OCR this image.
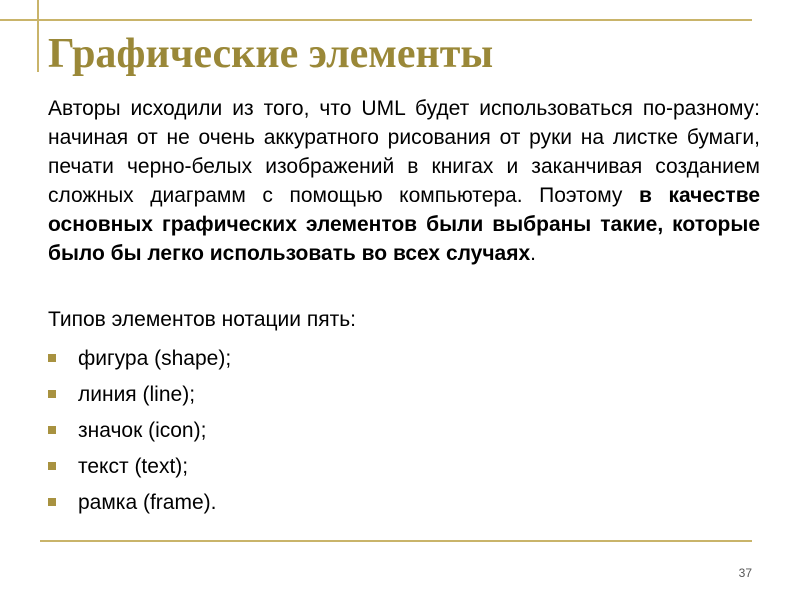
Графические элементы

Авторы исходили из того, что UML будет использоваться по-разному: начиная от не очень аккуратного рисования от руки на листке бумаги, печати черно-белых изображений в книгах и заканчивая созданием сложных диаграмм с помощью компьютера. Поэтому в качестве основных графических элементов были выбраны такие, которые было бы легко использовать во всех случаях.

Типов элементов нотации пять:

фигура (shape);
линия (line);
значок (icon);
текст (text);
рамка (frame).
37
